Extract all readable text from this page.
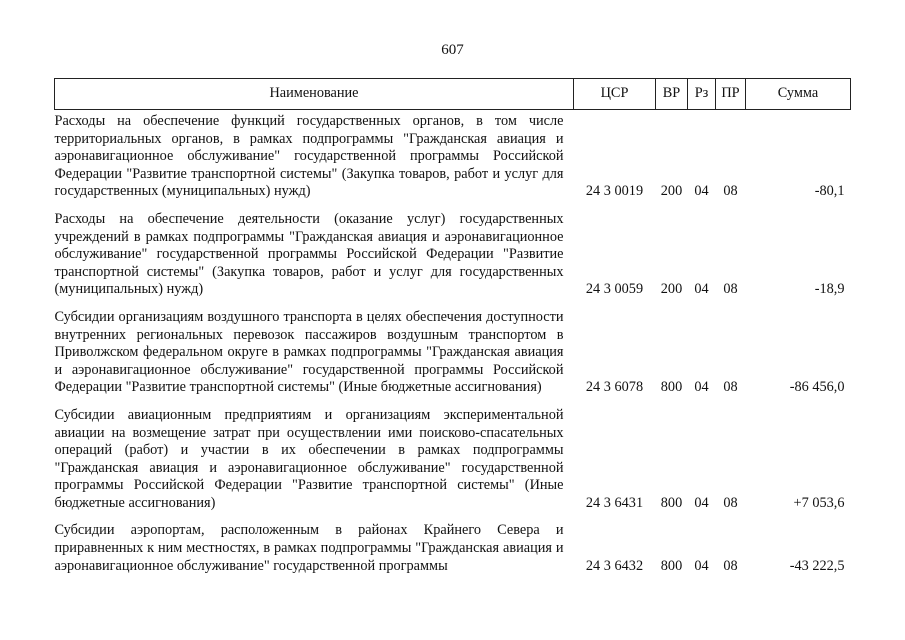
607
Наименование	ЦСР	ВР	Рз	ПР	Сумма
Расходы на обеспечение функций государственных органов, в том числе территориальных органов, в рамках подпрограммы "Гражданская авиация и аэронавигационное обслуживание" государственной программы Российской Федерации "Развитие транспортной системы" (Закупка товаров, работ и услуг для государственных (муниципальных) нужд)	24 3 0019	200	04	08	-80,1
Расходы на обеспечение деятельности (оказание услуг) государственных учреждений в рамках подпрограммы "Гражданская авиация и аэронавигационное обслуживание" государственной программы Российской Федерации "Развитие транспортной системы" (Закупка товаров, работ и услуг для государственных (муниципальных) нужд)	24 3 0059	200	04	08	-18,9
Субсидии организациям воздушного транспорта в целях обеспечения доступности внутренних региональных перевозок пассажиров воздушным транспортом в Приволжском федеральном округе в рамках подпрограммы "Гражданская авиация и аэронавигационное обслуживание" государственной программы Российской Федерации "Развитие транспортной системы" (Иные бюджетные ассигнования)	24 3 6078	800	04	08	-86 456,0
Субсидии авиационным предприятиям и организациям экспериментальной авиации на возмещение затрат при осуществлении ими поисково-спасательных операций (работ) и участии в их обеспечении в рамках подпрограммы "Гражданская авиация и аэронавигационное обслуживание" государственной программы Российской Федерации "Развитие транспортной системы" (Иные бюджетные ассигнования)	24 3 6431	800	04	08	+7 053,6
Субсидии аэропортам, расположенным в районах Крайнего Севера и приравненных к ним местностях, в рамках подпрограммы "Гражданская авиация и аэронавигационное обслуживание" государственной программы	24 3 6432	800	04	08	-43 222,5
